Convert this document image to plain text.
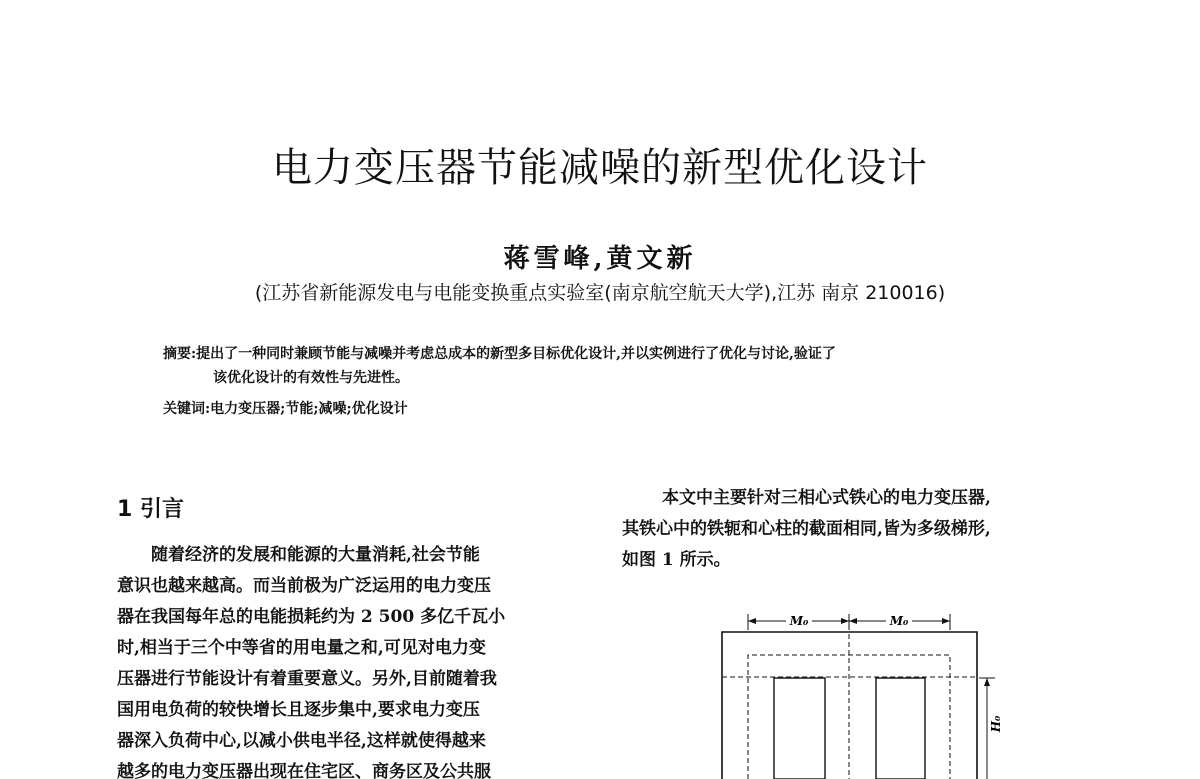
电力变压器节能减噪的新型优化设计
蒋雪峰,黄文新
(江苏省新能源发电与电能变换重点实验室(南京航空航天大学),江苏 南京 210016)
摘要:提出了一种同时兼顾节能与减噪并考虑总成本的新型多目标优化设计,并以实例进行了优化与讨论,验证了
该优化设计的有效性与先进性。
关键词:电力变压器;节能;减噪;优化设计
1 引言

随着经济的发展和能源的大量消耗,社会节能

意识也越来越高。而当前极为广泛运用的电力变压
器在我国每年总的电能损耗约为 2 500 多亿千瓦小
时,相当于三个中等省的用电量之和,可见对电力变
压器进行节能设计有着重要意义。另外,目前随着我
国用电负荷的较快增长且逐步集中,要求电力变压
器深入负荷中心,以减小供电半径,这样就使得越来
越多的电力变压器出现在住宅区、商务区及公共服

本文中主要针对三相心式铁心的电力变压器,

其铁心中的铁轭和心柱的截面相同,皆为多级梯形,
如图 1 所示。
M₀	M₀
H₀
